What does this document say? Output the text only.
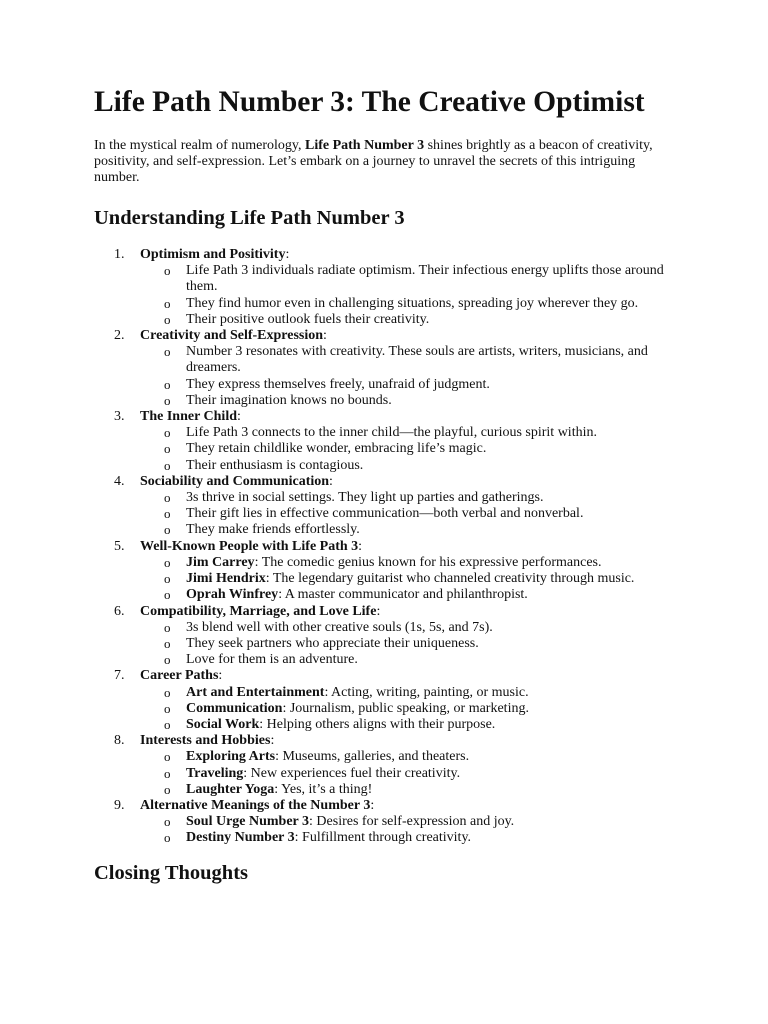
Life Path Number 3: The Creative Optimist

In the mystical realm of numerology, Life Path Number 3 shines brightly as a beacon of creativity, positivity, and self-expression. Let’s embark on a journey to unravel the secrets of this intriguing number.

Understanding Life Path Number 3
1. Optimism and Positivity:
o Life Path 3 individuals radiate optimism. Their infectious energy uplifts those around them.
o They find humor even in challenging situations, spreading joy wherever they go.
o Their positive outlook fuels their creativity.
2. Creativity and Self-Expression:
o Number 3 resonates with creativity. These souls are artists, writers, musicians, and dreamers.
o They express themselves freely, unafraid of judgment.
o Their imagination knows no bounds.
3. The Inner Child:
o Life Path 3 connects to the inner child—the playful, curious spirit within.
o They retain childlike wonder, embracing life’s magic.
o Their enthusiasm is contagious.
4. Sociability and Communication:
o 3s thrive in social settings. They light up parties and gatherings.
o Their gift lies in effective communication—both verbal and nonverbal.
o They make friends effortlessly.
5. Well-Known People with Life Path 3:
o Jim Carrey: The comedic genius known for his expressive performances.
o Jimi Hendrix: The legendary guitarist who channeled creativity through music.
o Oprah Winfrey: A master communicator and philanthropist.
6. Compatibility, Marriage, and Love Life:
o 3s blend well with other creative souls (1s, 5s, and 7s).
o They seek partners who appreciate their uniqueness.
o Love for them is an adventure.
7. Career Paths:
o Art and Entertainment: Acting, writing, painting, or music.
o Communication: Journalism, public speaking, or marketing.
o Social Work: Helping others aligns with their purpose.
8. Interests and Hobbies:
o Exploring Arts: Museums, galleries, and theaters.
o Traveling: New experiences fuel their creativity.
o Laughter Yoga: Yes, it’s a thing!
9. Alternative Meanings of the Number 3:
o Soul Urge Number 3: Desires for self-expression and joy.
o Destiny Number 3: Fulfillment through creativity.
Closing Thoughts
